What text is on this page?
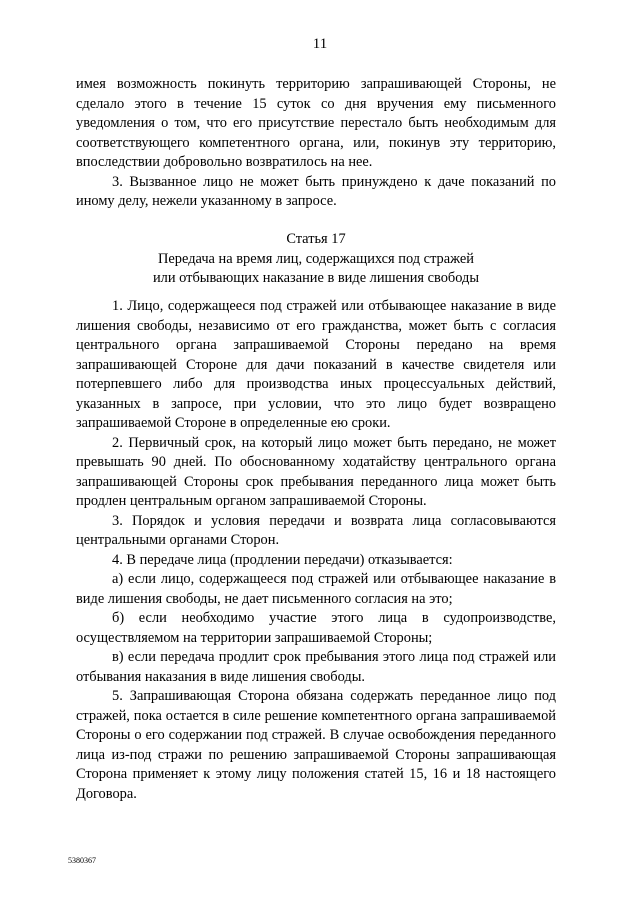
11

имея возможность покинуть территорию запрашивающей Стороны, не сделало этого в течение 15 суток со дня вручения ему письменного уведомления о том, что его присутствие перестало быть необходимым для соответствующего компетентного органа, или, покинув эту территорию, впоследствии добровольно возвратилось на нее.

3. Вызванное лицо не может быть принуждено к даче показаний по иному делу, нежели указанному в запросе.

Статья 17

Передача на время лиц, содержащихся под стражей

или отбывающих наказание в виде лишения свободы

1. Лицо, содержащееся под стражей или отбывающее наказание в виде лишения свободы, независимо от его гражданства, может быть с согласия центрального органа запрашиваемой Стороны передано на время запрашивающей Стороне для дачи показаний в качестве свидетеля или потерпевшего либо для производства иных процессуальных действий, указанных в запросе, при условии, что это лицо будет возвращено запрашиваемой Стороне в определенные ею сроки.

2. Первичный срок, на который лицо может быть передано, не может превышать 90 дней. По обоснованному ходатайству центрального органа запрашивающей Стороны срок пребывания переданного лица может быть продлен центральным органом запрашиваемой Стороны.

3. Порядок и условия передачи и возврата лица согласовываются центральными органами Сторон.

4. В передаче лица (продлении передачи) отказывается:

а) если лицо, содержащееся под стражей или отбывающее наказание в виде лишения свободы, не дает письменного согласия на это;

б) если необходимо участие этого лица в судопроизводстве, осуществляемом на территории запрашиваемой Стороны;

в) если передача продлит срок пребывания этого лица под стражей или отбывания наказания в виде лишения свободы.

5. Запрашивающая Сторона обязана содержать переданное лицо под стражей, пока остается в силе решение компетентного органа запрашиваемой Стороны о его содержании под стражей. В случае освобождения переданного лица из-под стражи по решению запрашиваемой Стороны запрашивающая Сторона применяет к этому лицу положения статей 15, 16 и 18 настоящего Договора.

5380367
